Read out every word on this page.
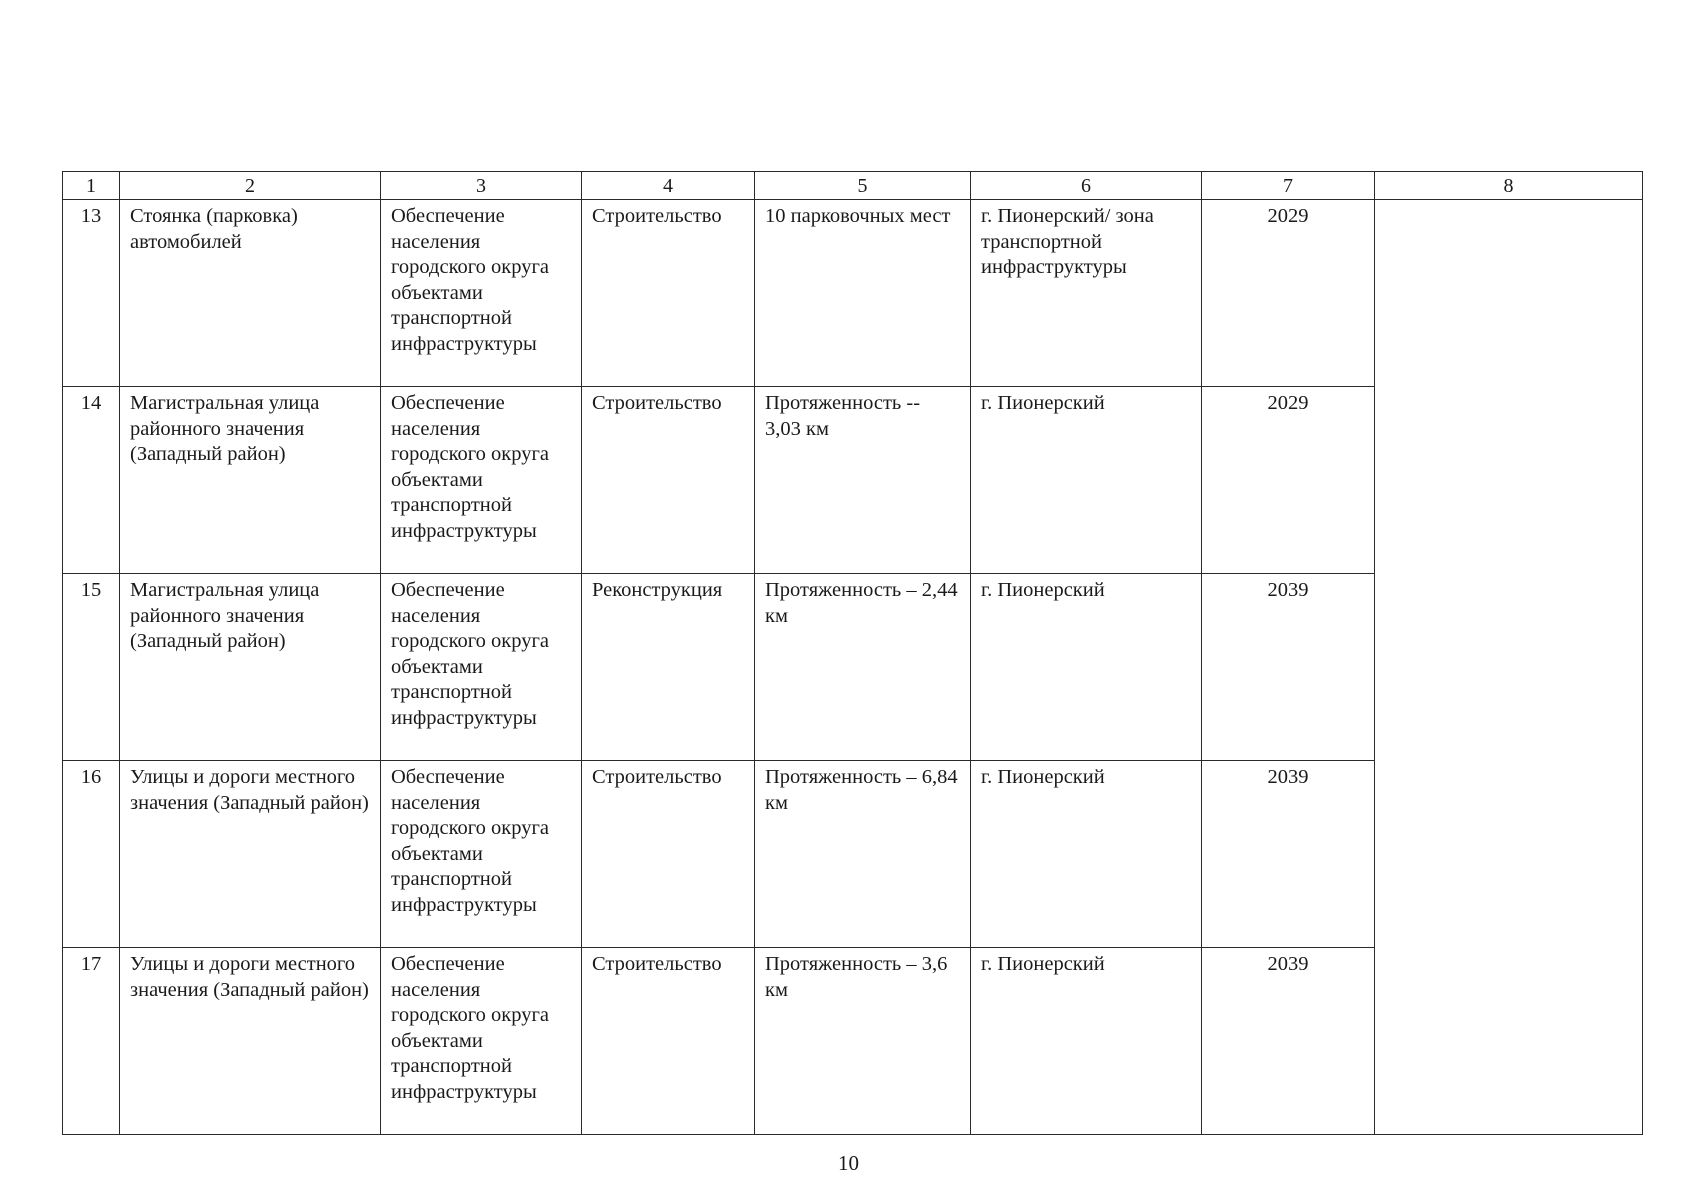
1	2	3	4	5	6	7	8
13	Стоянка (парковка) автомобилей	Обеспечение населения городского округа объектами транспортной инфраструктуры	Строительство	10 парковочных мест	г. Пионерский/ зона транспортной инфраструктуры	2029	
14	Магистральная улица районного значения (Западный район)	Обеспечение населения городского округа объектами транспортной инфраструктуры	Строительство	Протяженность -- 3,03 км	г. Пионерский	2029	
15	Магистральная улица районного значения (Западный район)	Обеспечение населения городского округа объектами транспортной инфраструктуры	Реконструкция	Протяженность – 2,44 км	г. Пионерский	2039	
16	Улицы и дороги местного значения (Западный район)	Обеспечение населения городского округа объектами транспортной инфраструктуры	Строительство	Протяженность – 6,84 км	г. Пионерский	2039	
17	Улицы и дороги местного значения (Западный район)	Обеспечение населения городского округа объектами транспортной инфраструктуры	Строительство	Протяженность – 3,6 км	г. Пионерский	2039	
10
